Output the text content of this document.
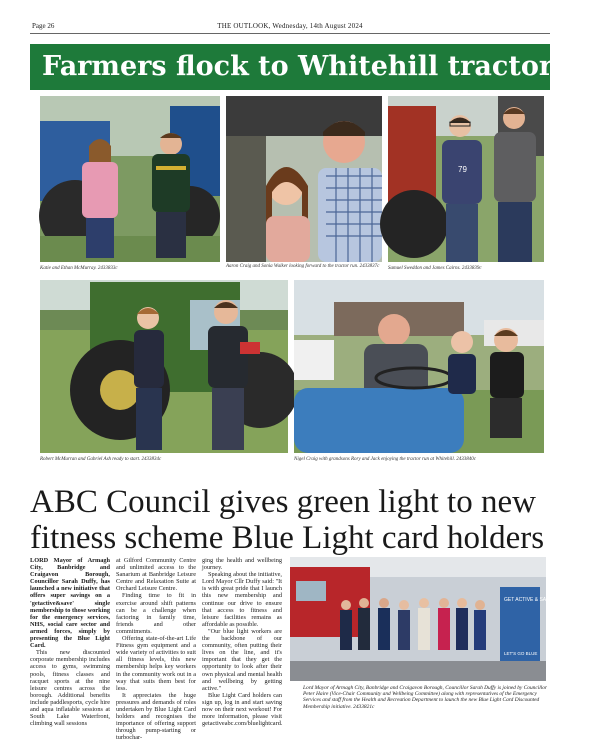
Page 26	THE OUTLOOK, Wednesday, 14th August 2024
Farmers flock to Whitehill tractor run
Katie and Ethan McMurray. 2433833c	Aaron Craig and Sonia Walker looking forward to the tractor run. 2433837c
79
Samuel Sweddon and James Cairns. 2433839c
Robert McMurran and Gabriel Ash ready to start. 2433834c	Nigel Craig with grandsons Rory and Jack enjoying the tractor run at Whitehill. 2433840c
ABC Council gives green light to new fitness scheme Blue Light card holders

LORD Mayor of Armagh City, Banbridge and Craigavon Borough, Councillor Sarah Duffy, has launched a new initiative that offers super savings on a 'getactive&save' single membership to those working for the emergency services, NHS, social care sector and armed forces, simply by presenting the Blue Light Card.

This new discounted corporate membership includes access to gyms, swimming pools, fitness classes and racquet sports at the nine leisure centres across the borough. Additional benefits include paddlesports, cycle hire and aqua inflatable sessions at South Lake Waterfront, climbing wall sessions

at Gilford Community Centre and unlimited access to the Sanarium at Banbridge Leisure Centre and Relaxation Suite at Orchard Leisure Centre.

Finding time to fit in exercise around shift patterns can be a challenge when factoring in family time, friends and other commitments.

Offering state-of-the-art Life Fitness gym equipment and a wide variety of activities to suit all fitness levels, this new membership helps key workers in the community work out in a way that suits them best for less.

It appreciates the huge pressures and demands of roles undertaken by Blue Light Card holders and recognises the importance of offering support through pump-starting or turbochar-

ging the health and wellbeing journey.

Speaking about the initiative, Lord Mayor Cllr Duffy said: "It is with great pride that I launch this new membership and continue our drive to ensure that access to fitness and leisure facilities remains as affordable as possible.

"Our blue light workers are the backbone of our community, often putting their lives on the line, and it's important that they get the opportunity to look after their own physical and mental health and wellbeing by getting active."

Blue Light Card holders can sign up, log in and start saving now on their next workout! For more information, please visit getactiveabc.com/bluelightcard.

GET ACTIVE & SAVE
LET'S GO BLUE
Lord Mayor of Armagh City, Banbridge and Craigavon Borough, Councillor Sarah Duffy is joined by Councillor Peter Haire (Vice-Chair Community and Wellbeing Committee) along with representatives of the Emergency Services and staff from the Health and Recreation Department to launch the new Blue Light Card Discounted Membership initiative. 2433821c
